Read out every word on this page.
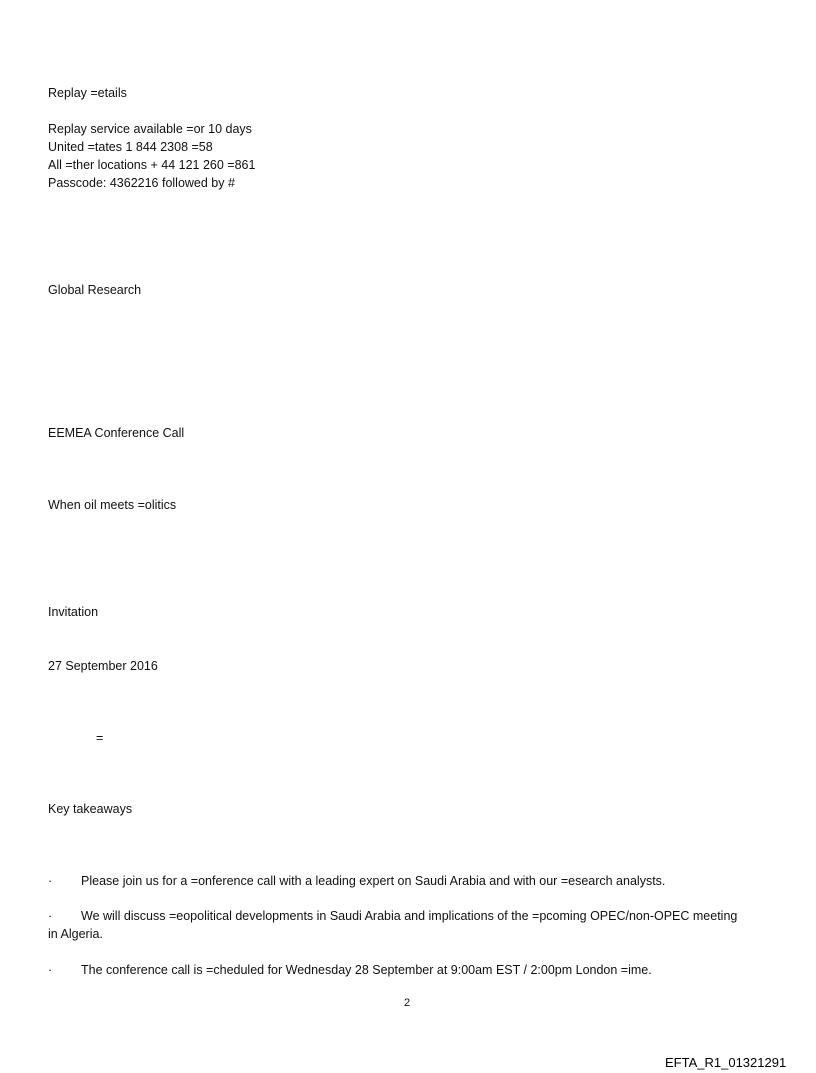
Replay =etails
Replay service available =or 10 days
United =tates 1 844 2308 =58
All =ther locations + 44 121 260 =861
Passcode: 4362216 followed by #
Global Research
EEMEA Conference Call
When oil meets =olitics
Invitation
27 September 2016
=
Key takeaways
·	Please join us for a =onference call with a leading expert on Saudi Arabia and with our =esearch analysts.
·	We will discuss =eopolitical developments in Saudi Arabia and implications of the =pcoming OPEC/non-OPEC meeting in Algeria.
·	The conference call is =cheduled for Wednesday 28 September at 9:00am EST / 2:00pm London =ime.
2
EFTA_R1_01321291
